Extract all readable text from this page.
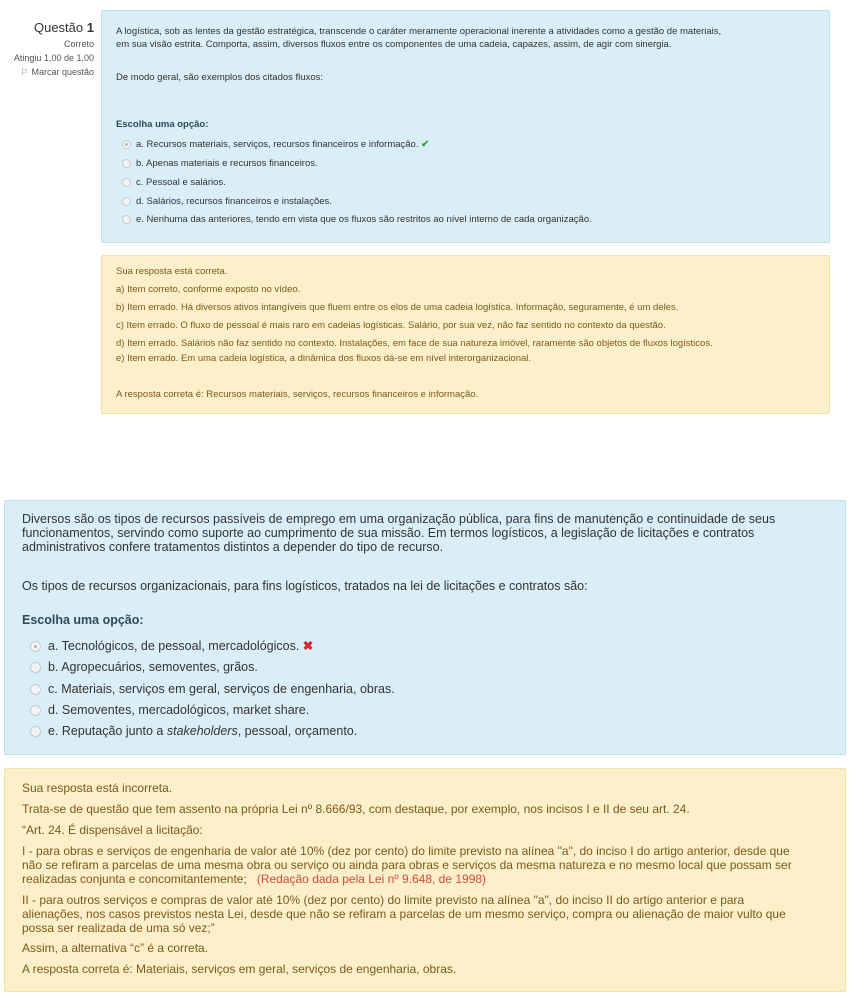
Questão 1
Correto
Atingiu 1,00 de 1,00
⚐ Marcar questão
A logística, sob as lentes da gestão estratégica, transcende o caráter meramente operacional inerente a atividades como a gestão de materiais,
em sua visão estrita. Comporta, assim, diversos fluxos entre os componentes de uma cadeia, capazes, assim, de agir com sinergia.
De modo geral, são exemplos dos citados fluxos:
Escolha uma opção:
a. Recursos materiais, serviços, recursos financeiros e informação. ✔
b. Apenas materiais e recursos financeiros.
c. Pessoal e salários.
d. Salários, recursos financeiros e instalações.
e. Nenhuma das anteriores, tendo em vista que os fluxos são restritos ao nível interno de cada organização.
Sua resposta está correta.
a) Item correto, conforme exposto no vídeo.
b) Item errado. Há diversos ativos intangíveis que fluem entre os elos de uma cadeia logística. Informação, seguramente, é um deles.
c) Item errado. O fluxo de pessoal é mais raro em cadeias logísticas. Salário, por sua vez, não faz sentido no contexto da questão.
d) Item errado. Salários não faz sentido no contexto. Instalações, em face de sua natureza imóvel, raramente são objetos de fluxos logísticos.
e) Item errado. Em uma cadeia logística, a dinâmica dos fluxos dá-se em nível interorganizacional.
A resposta correta é: Recursos materiais, serviços, recursos financeiros e informação.
Diversos são os tipos de recursos passíveis de emprego em uma organização pública, para fins de manutenção e continuidade de seus
funcionamentos, servindo como suporte ao cumprimento de sua missão. Em termos logísticos, a legislação de licitações e contratos
administrativos confere tratamentos distintos a depender do tipo de recurso.
Os tipos de recursos organizacionais, para fins logísticos, tratados na lei de licitações e contratos são:
Escolha uma opção:
a. Tecnológicos, de pessoal, mercadológicos. ✖
b. Agropecuários, semoventes, grãos.
c. Materiais, serviços em geral, serviços de engenharia, obras.
d. Semoventes, mercadológicos, market share.
e. Reputação junto a stakeholders, pessoal, orçamento.
Sua resposta está incorreta.
Trata-se de questão que tem assento na própria Lei nº 8.666/93, com destaque, por exemplo, nos incisos I e II de seu art. 24.
“Art. 24. É dispensável a licitação:
I - para obras e serviços de engenharia de valor até 10% (dez por cento) do limite previsto na alínea "a", do inciso I do artigo anterior, desde que
não se refiram a parcelas de uma mesma obra ou serviço ou ainda para obras e serviços da mesma natureza e no mesmo local que possam ser
realizadas conjunta e concomitantemente; (Redação dada pela Lei nº 9.648, de 1998)
II - para outros serviços e compras de valor até 10% (dez por cento) do limite previsto na alínea "a", do inciso II do artigo anterior e para
alienações, nos casos previstos nesta Lei, desde que não se refiram a parcelas de um mesmo serviço, compra ou alienação de maior vulto que
possa ser realizada de uma só vez;”
Assim, a alternativa “c” é a correta.
A resposta correta é: Materiais, serviços em geral, serviços de engenharia, obras.
